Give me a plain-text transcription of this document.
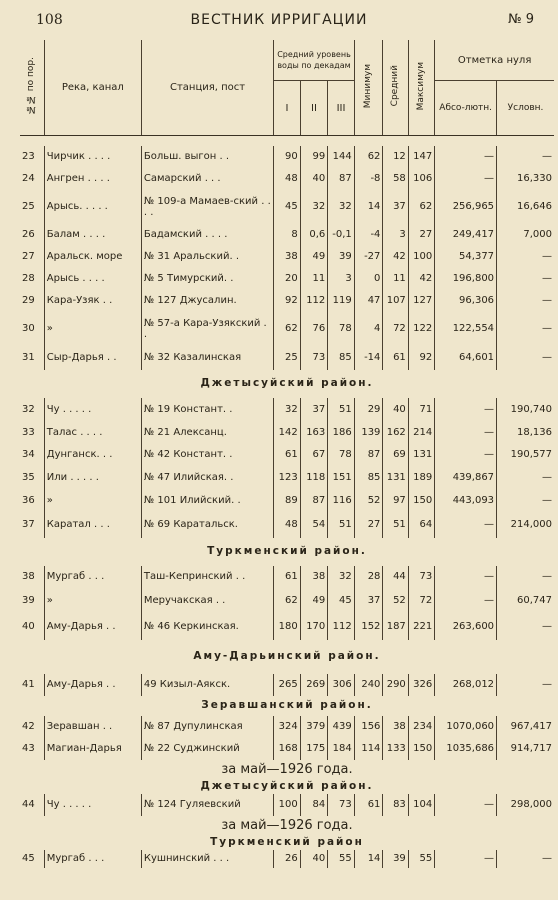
108	ВЕСТНИК ИРРИГАЦИИ	№ 9
№№ по пор.	Река, канал	Станция, пост	Средний уровень воды по декадам			Минимум	Средний	Максимум	Отметка нуля	
			I	II	III				Абсо-лютн.	Условн.

23	Чирчик . . . .	Больш. выгон . .	90	99	144	62	12	147	—	—
24	Ангрен . . . .	Самарский . . .	48	40	87	-8	58	106	—	16,330
25	Арысь. . . . .	№ 109-а Мамаев-ский . . . .	45	32	32	14	37	62	256,965	16,646
26	Балам . . . .	Бадамский . . . .	8	0,6	-0,1	-4	3	27	249,417	7,000
27	Аральск. море	№ 31 Аральский. .	38	49	39	-27	42	100	54,377	—
28	Арысь . . . .	№ 5 Тимурский. .	20	11	3	0	11	42	196,800	—
29	Кара-Узяк . .	№ 127 Джусалин.	92	112	119	47	107	127	96,306	—
30	»	№ 57-а Кара-Узякский . .	62	76	78	4	72	122	122,554	—
31	Сыр-Дарья . .	№ 32 Казалинская	25	73	85	-14	61	92	64,601	—
Джетысуйский район.										
32	Чу . . . . .	№ 19 Констант. .	32	37	51	29	40	71	—	190,740
33	Талас . . . .	№ 21 Алексанц.	142	163	186	139	162	214	—	18,136
34	Дунганск. . .	№ 42 Констант. .	61	67	78	87	69	131	—	190,577
35	Или . . . . .	№ 47 Илийская. .	123	118	151	85	131	189	439,867	—
36	»	№ 101 Илийский. .	89	87	116	52	97	150	443,093	—
37	Каратал . . .	№ 69 Каратальск.	48	54	51	27	51	64	—	214,000
Туркменский район.										
38	Мургаб . . .	Таш-Кепринский . .	61	38	32	28	44	73	—	—
39	»	Меручакская . .	62	49	45	37	52	72	—	60,747
40	Аму-Дарья . .	№ 46 Керкинская.	180	170	112	152	187	221	263,600	—
Аму-Дарьинский район.										
41	Аму-Дарья . .	49 Кизыл-Аякск.	265	269	306	240	290	326	268,012	—
Зеравшанский район.										
42	Зеравшан . .	№ 87 Дупулинская	324	379	439	156	38	234	1070,060	967,417
43	Магиан-Дарья	№ 22 Суджинский	168	175	184	114	133	150	1035,686	914,717
за май—1926 года.										
Джетысуйский район.										
44	Чу . . . . .	№ 124 Гуляевский	100	84	73	61	83	104	—	298,000
за май—1926 года.										
Туркменский район										
45	Мургаб . . .	Кушнинский . . .	26	40	55	14	39	55	—	—
